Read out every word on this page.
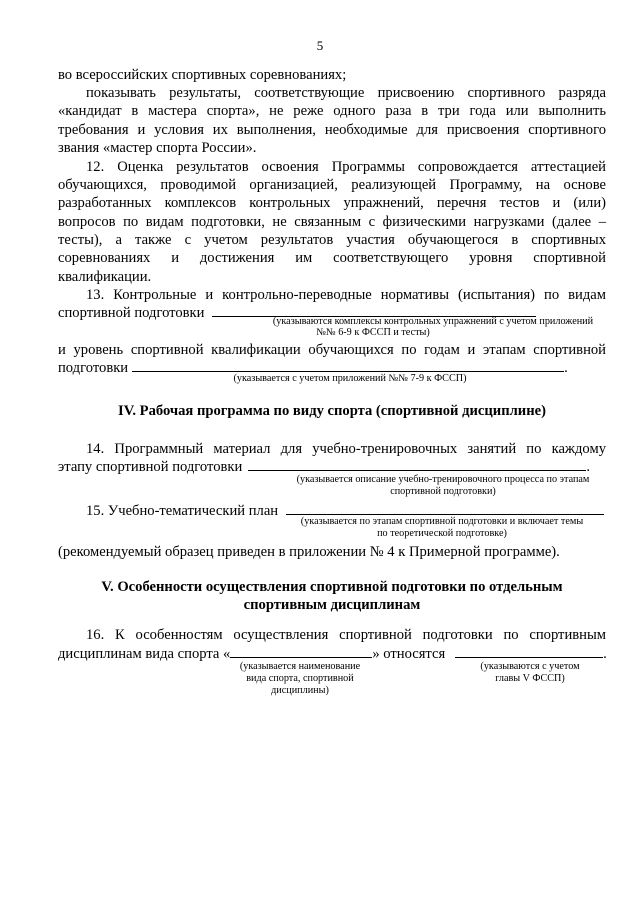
5
во всероссийских спортивных соревнованиях;
показывать результаты, соответствующие присвоению спортивного разряда
«кандидат в мастера спорта», не реже одного раза в три года или выполнить
требования и условия их выполнения, необходимые для присвоения спортивного
звания «мастер спорта России».
12. Оценка результатов освоения Программы сопровождается аттестацией
обучающихся, проводимой организацией, реализующей Программу, на основе
разработанных комплексов контрольных упражнений, перечня тестов и (или)
вопросов по видам подготовки, не связанным с физическими нагрузками (далее –
тесты), а также с учетом результатов участия обучающегося в спортивных
соревнованиях и достижения им соответствующего уровня спортивной
квалификации.
13. Контрольные и контрольно-переводные нормативы (испытания) по видам
спортивной подготовки
(указываются комплексы контрольных упражнений с учетом приложений
№№ 6-9 к ФССП и тесты)
и уровень спортивной квалификации обучающихся по годам и этапам спортивной
подготовки	.
(указывается с учетом приложений №№ 7-9 к ФССП)
IV. Рабочая программа по виду спорта (спортивной дисциплине)
14. Программный материал для учебно-тренировочных занятий по каждому
этапу спортивной подготовки	.
(указывается описание учебно-тренировочного процесса по этапам
спортивной подготовки)
15. Учебно-тематический план
(указывается по этапам спортивной подготовки и включает темы
по теоретической подготовке)
(рекомендуемый образец приведен в приложении № 4 к Примерной программе).
V. Особенности осуществления спортивной подготовки по отдельным
спортивным дисциплинам
16. К особенностям осуществления спортивной подготовки по спортивным
дисциплинам вида спорта «	» относятся	.
(указывается наименование
вида спорта, спортивной
дисциплины)
(указываются с учетом
главы V ФССП)
